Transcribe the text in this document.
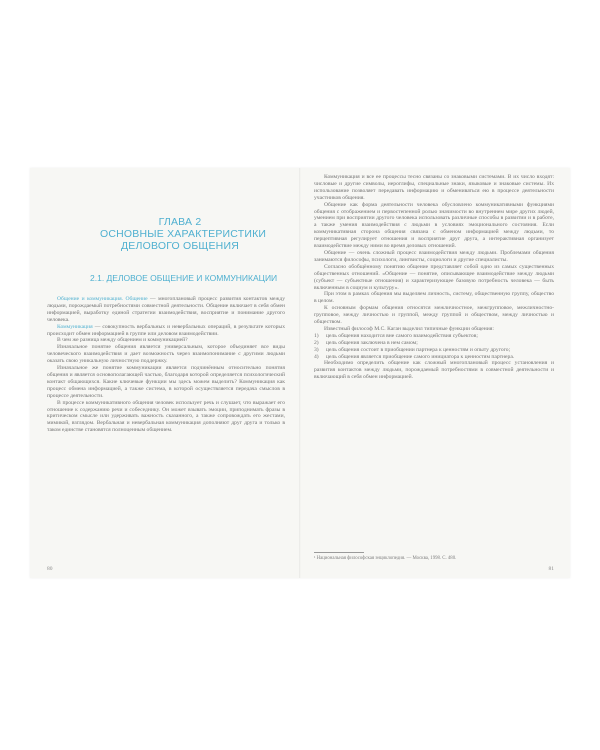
ГЛАВА 2
ОСНОВНЫЕ ХАРАКТЕРИСТИКИ
ДЕЛОВОГО ОБЩЕНИЯ
2.1. ДЕЛОВОЕ ОБЩЕНИЕ И КОММУНИКАЦИИ

Общение и коммуникация. Общение — многоплановый процесс развития контактов между людьми, порождаемый потребностями совместной деятельности. Общение включает в себя обмен информацией, выработку единой стратегии взаимодействия, восприятие и понимание другого человека.

Коммуникация — совокупность вербальных и невербальных операций, в результате которых происходит обмен информацией в группе или деловом взаимодействии.

В чем же разница между общением и коммуникацией?

Изначальное понятие общения является универсальным, которое объединяет все виды человеческого взаимодействия и дает возможность через взаимопонимание с другими людьми оказать свою уникальную личностную поддержку.

Изначальное же понятие коммуникации является подчинённым относительно понятия общения и является основополагающей частью, благодаря которой определяется психологический контакт общающихся. Какие ключевые функции мы здесь можем выделить? Коммуникация как процесс обмена информацией, а также система, в которой осуществляется передача смыслов в процессе деятельности.

В процессе коммуникативного общения человек использует речь и слушает, что выражает его отношение к содержанию речи и собеседнику. Он может взывать эмоции, приподнимать фразы в критическом смысле или удерживать важность сказанного, а также сопровождать его жестами, мимикой, взглядом. Вербальная и невербальная коммуникация дополняют друг друга и только в таком единстве становятся полноценным общением.

80

Коммуникация и все ее процессы тесно связаны со знаковыми системами. В их число входят: числовые и другие символы, иероглифы, специальные знаки, языковые и знаковые системы. Их использование позволяет передавать информацию и обмениваться ею в процессе деятельности участников общения.

Общение как форма деятельности человека обусловлено коммуникативными функциями общения с отображением и первостепенной ролью значимости во внутреннем мире других людей, умением при восприятии другого человека использовать различные способы в развитии и в работе, а также умения взаимодействия с людьми в условиях эмоционального состояния. Если коммуникативная сторона общения связана с обменом информацией между людьми, то перцептивная регулирует отношения и восприятие друг друга, а интерактивная организует взаимодействие между ними во время деловых отношений.

Общение — очень сложный процесс взаимодействия между людьми. Проблемами общения занимаются философы, психологи, лингвисты, социологи и другие специалисты.

Согласно обобщённому понятию общение представляет собой одно из самых существенных общественных отношений. «Общение — понятие, описывающее взаимодействие между людьми (субъект — субъектные отношения) и характеризующее базовую потребность человека — быть включенным в социум и культуру».

При этом в рамках общения мы выделяем личность, систему, общественную группу, общество в целом.

К основным формам общения относятся межличностное, межгрупповое, межличностно-групповое, между личностью и группой, между группой и обществом, между личностью и обществом.

Известный философ М.С. Каган выделил типичные функции общения:

1) цель общения находится вне самого взаимодействия субъектов;

2) цель общения заключена в нем самом;

3) цель общения состоит в приобщении партнера к ценностям и опыту другого;

4) цель общения является приобщение самого инициатора к ценностям партнера.

Необходимо определить общение как сложный многоплановый процесс установления и развития контактов между людьми, порождаемый потребностями в совместной деятельности и включающий в себя обмен информацией.

¹ Национальная философская энциклопедия. — Москва, 1998. С. 480.
81
